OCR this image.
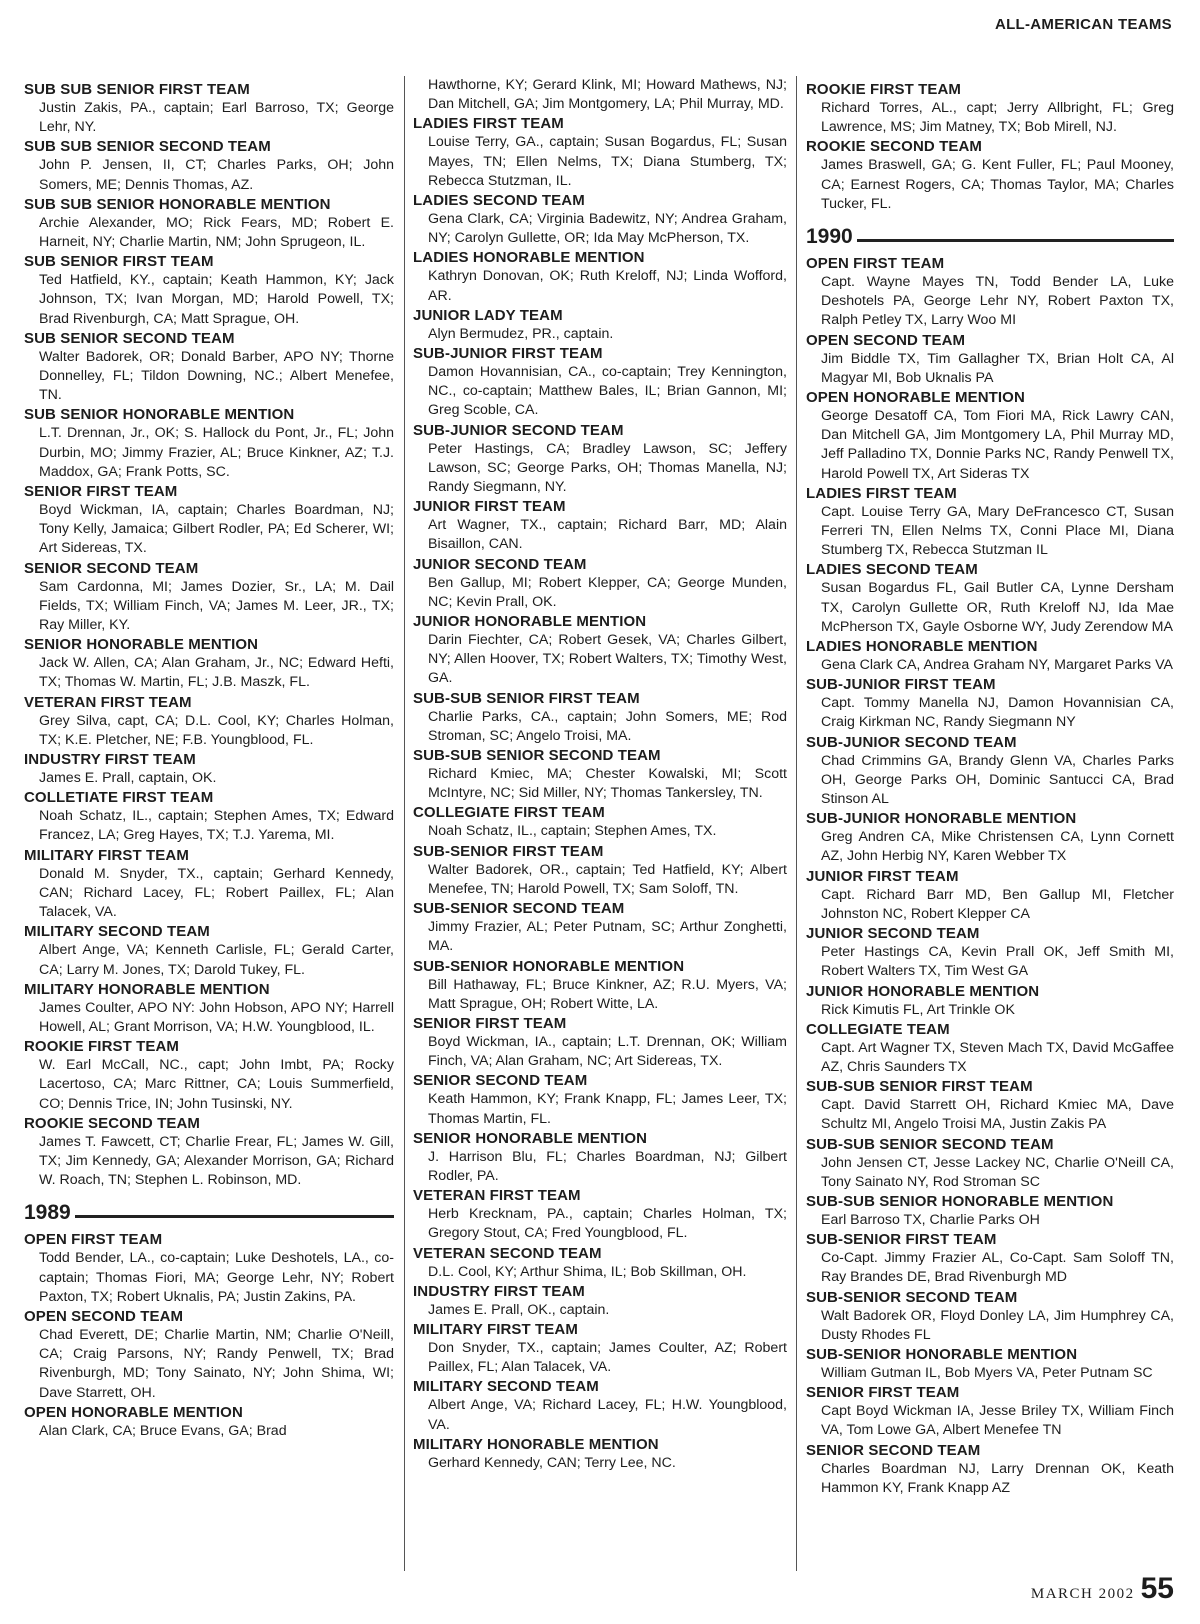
ALL-AMERICAN TEAMS
SUB SUB SENIOR FIRST TEAM

Justin Zakis, PA., captain; Earl Barroso, TX; George Lehr, NY.

SUB SUB SENIOR SECOND TEAM

John P. Jensen, II, CT; Charles Parks, OH; John Somers, ME; Dennis Thomas, AZ.

SUB SUB SENIOR HONORABLE MENTION

Archie Alexander, MO; Rick Fears, MD; Robert E. Harneit, NY; Charlie Martin, NM; John Sprugeon, IL.

SUB SENIOR FIRST TEAM

Ted Hatfield, KY., captain; Keath Hammon, KY; Jack Johnson, TX; Ivan Morgan, MD; Harold Powell, TX; Brad Rivenburgh, CA; Matt Sprague, OH.

SUB SENIOR SECOND TEAM

Walter Badorek, OR; Donald Barber, APO NY; Thorne Donnelley, FL; Tildon Downing, NC.; Albert Menefee, TN.

SUB SENIOR HONORABLE MENTION

L.T. Drennan, Jr., OK; S. Hallock du Pont, Jr., FL; John Durbin, MO; Jimmy Frazier, AL; Bruce Kinkner, AZ; T.J. Maddox, GA; Frank Potts, SC.

SENIOR FIRST TEAM

Boyd Wickman, IA, captain; Charles Boardman, NJ; Tony Kelly, Jamaica; Gilbert Rodler, PA; Ed Scherer, WI; Art Sidereas, TX.

SENIOR SECOND TEAM

Sam Cardonna, MI; James Dozier, Sr., LA; M. Dail Fields, TX; William Finch, VA; James M. Leer, JR., TX; Ray Miller, KY.

SENIOR HONORABLE MENTION

Jack W. Allen, CA; Alan Graham, Jr., NC; Edward Hefti, TX; Thomas W. Martin, FL; J.B. Maszk, FL.

VETERAN FIRST TEAM

Grey Silva, capt, CA; D.L. Cool, KY; Charles Holman, TX; K.E. Pletcher, NE; F.B. Youngblood, FL.

INDUSTRY FIRST TEAM

James E. Prall, captain, OK.

COLLETIATE FIRST TEAM

Noah Schatz, IL., captain; Stephen Ames, TX; Edward Francez, LA; Greg Hayes, TX; T.J. Yarema, MI.

MILITARY FIRST TEAM

Donald M. Snyder, TX., captain; Gerhard Kennedy, CAN; Richard Lacey, FL; Robert Paillex, FL; Alan Talacek, VA.

MILITARY SECOND TEAM

Albert Ange, VA; Kenneth Carlisle, FL; Gerald Carter, CA; Larry M. Jones, TX; Darold Tukey, FL.

MILITARY HONORABLE MENTION

James Coulter, APO NY: John Hobson, APO NY; Harrell Howell, AL; Grant Morrison, VA; H.W. Youngblood, IL.

ROOKIE FIRST TEAM

W. Earl McCall, NC., capt; John Imbt, PA; Rocky Lacertoso, CA; Marc Rittner, CA; Louis Summerfield, CO; Dennis Trice, IN; John Tusinski, NY.

ROOKIE SECOND TEAM

James T. Fawcett, CT; Charlie Frear, FL; James W. Gill, TX; Jim Kennedy, GA; Alexander Morrison, GA; Richard W. Roach, TN; Stephen L. Robinson, MD.

1989
OPEN FIRST TEAM

Todd Bender, LA., co-captain; Luke Deshotels, LA., co-captain; Thomas Fiori, MA; George Lehr, NY; Robert Paxton, TX; Robert Uknalis, PA; Justin Zakins, PA.

OPEN SECOND TEAM

Chad Everett, DE; Charlie Martin, NM; Charlie O'Neill, CA; Craig Parsons, NY; Randy Penwell, TX; Brad Rivenburgh, MD; Tony Sainato, NY; John Shima, WI; Dave Starrett, OH.

OPEN HONORABLE MENTION

Alan Clark, CA; Bruce Evans, GA; Brad

Hawthorne, KY; Gerard Klink, MI; Howard Mathews, NJ; Dan Mitchell, GA; Jim Montgomery, LA; Phil Murray, MD.

LADIES FIRST TEAM

Louise Terry, GA., captain; Susan Bogardus, FL; Susan Mayes, TN; Ellen Nelms, TX; Diana Stumberg, TX; Rebecca Stutzman, IL.

LADIES SECOND TEAM

Gena Clark, CA; Virginia Badewitz, NY; Andrea Graham, NY; Carolyn Gullette, OR; Ida May McPherson, TX.

LADIES HONORABLE MENTION

Kathryn Donovan, OK; Ruth Kreloff, NJ; Linda Wofford, AR.

JUNIOR LADY TEAM

Alyn Bermudez, PR., captain.

SUB-JUNIOR FIRST TEAM

Damon Hovannisian, CA., co-captain; Trey Kennington, NC., co-captain; Matthew Bales, IL; Brian Gannon, MI; Greg Scoble, CA.

SUB-JUNIOR SECOND TEAM

Peter Hastings, CA; Bradley Lawson, SC; Jeffery Lawson, SC; George Parks, OH; Thomas Manella, NJ; Randy Siegmann, NY.

JUNIOR FIRST TEAM

Art Wagner, TX., captain; Richard Barr, MD; Alain Bisaillon, CAN.

JUNIOR SECOND TEAM

Ben Gallup, MI; Robert Klepper, CA; George Munden, NC; Kevin Prall, OK.

JUNIOR HONORABLE MENTION

Darin Fiechter, CA; Robert Gesek, VA; Charles Gilbert, NY; Allen Hoover, TX; Robert Walters, TX; Timothy West, GA.

SUB-SUB SENIOR FIRST TEAM

Charlie Parks, CA., captain; John Somers, ME; Rod Stroman, SC; Angelo Troisi, MA.

SUB-SUB SENIOR SECOND TEAM

Richard Kmiec, MA; Chester Kowalski, MI; Scott McIntyre, NC; Sid Miller, NY; Thomas Tankersley, TN.

COLLEGIATE FIRST TEAM

Noah Schatz, IL., captain; Stephen Ames, TX.

SUB-SENIOR FIRST TEAM

Walter Badorek, OR., captain; Ted Hatfield, KY; Albert Menefee, TN; Harold Powell, TX; Sam Soloff, TN.

SUB-SENIOR SECOND TEAM

Jimmy Frazier, AL; Peter Putnam, SC; Arthur Zonghetti, MA.

SUB-SENIOR HONORABLE MENTION

Bill Hathaway, FL; Bruce Kinkner, AZ; R.U. Myers, VA; Matt Sprague, OH; Robert Witte, LA.

SENIOR FIRST TEAM

Boyd Wickman, IA., captain; L.T. Drennan, OK; William Finch, VA; Alan Graham, NC; Art Sidereas, TX.

SENIOR SECOND TEAM

Keath Hammon, KY; Frank Knapp, FL; James Leer, TX; Thomas Martin, FL.

SENIOR HONORABLE MENTION

J. Harrison Blu, FL; Charles Boardman, NJ; Gilbert Rodler, PA.

VETERAN FIRST TEAM

Herb Krecknam, PA., captain; Charles Holman, TX; Gregory Stout, CA; Fred Youngblood, FL.

VETERAN SECOND TEAM

D.L. Cool, KY; Arthur Shima, IL; Bob Skillman, OH.

INDUSTRY FIRST TEAM

James E. Prall, OK., captain.

MILITARY FIRST TEAM

Don Snyder, TX., captain; James Coulter, AZ; Robert Paillex, FL; Alan Talacek, VA.

MILITARY SECOND TEAM

Albert Ange, VA; Richard Lacey, FL; H.W. Youngblood, VA.

MILITARY HONORABLE MENTION

Gerhard Kennedy, CAN; Terry Lee, NC.

ROOKIE FIRST TEAM

Richard Torres, AL., capt; Jerry Allbright, FL; Greg Lawrence, MS; Jim Matney, TX; Bob Mirell, NJ.

ROOKIE SECOND TEAM

James Braswell, GA; G. Kent Fuller, FL; Paul Mooney, CA; Earnest Rogers, CA; Thomas Taylor, MA; Charles Tucker, FL.

1990
OPEN FIRST TEAM

Capt. Wayne Mayes TN, Todd Bender LA, Luke Deshotels PA, George Lehr NY, Robert Paxton TX, Ralph Petley TX, Larry Woo MI

OPEN SECOND TEAM

Jim Biddle TX, Tim Gallagher TX, Brian Holt CA, Al Magyar MI, Bob Uknalis PA

OPEN HONORABLE MENTION

George Desatoff CA, Tom Fiori MA, Rick Lawry CAN, Dan Mitchell GA, Jim Montgomery LA, Phil Murray MD, Jeff Palladino TX, Donnie Parks NC, Randy Penwell TX, Harold Powell TX, Art Sideras TX

LADIES FIRST TEAM

Capt. Louise Terry GA, Mary DeFrancesco CT, Susan Ferreri TN, Ellen Nelms TX, Conni Place MI, Diana Stumberg TX, Rebecca Stutzman IL

LADIES SECOND TEAM

Susan Bogardus FL, Gail Butler CA, Lynne Dersham TX, Carolyn Gullette OR, Ruth Kreloff NJ, Ida Mae McPherson TX, Gayle Osborne WY, Judy Zerendow MA

LADIES HONORABLE MENTION

Gena Clark CA, Andrea Graham NY, Margaret Parks VA

SUB-JUNIOR FIRST TEAM

Capt. Tommy Manella NJ, Damon Hovannisian CA, Craig Kirkman NC, Randy Siegmann NY

SUB-JUNIOR SECOND TEAM

Chad Crimmins GA, Brandy Glenn VA, Charles Parks OH, George Parks OH, Dominic Santucci CA, Brad Stinson AL

SUB-JUNIOR HONORABLE MENTION

Greg Andren CA, Mike Christensen CA, Lynn Cornett AZ, John Herbig NY, Karen Webber TX

JUNIOR FIRST TEAM

Capt. Richard Barr MD, Ben Gallup MI, Fletcher Johnston NC, Robert Klepper CA

JUNIOR SECOND TEAM

Peter Hastings CA, Kevin Prall OK, Jeff Smith MI, Robert Walters TX, Tim West GA

JUNIOR HONORABLE MENTION

Rick Kimutis FL, Art Trinkle OK

COLLEGIATE TEAM

Capt. Art Wagner TX, Steven Mach TX, David McGaffee AZ, Chris Saunders TX

SUB-SUB SENIOR FIRST TEAM

Capt. David Starrett OH, Richard Kmiec MA, Dave Schultz MI, Angelo Troisi MA, Justin Zakis PA

SUB-SUB SENIOR SECOND TEAM

John Jensen CT, Jesse Lackey NC, Charlie O'Neill CA, Tony Sainato NY, Rod Stroman SC

SUB-SUB SENIOR HONORABLE MENTION

Earl Barroso TX, Charlie Parks OH

SUB-SENIOR FIRST TEAM

Co-Capt. Jimmy Frazier AL, Co-Capt. Sam Soloff TN, Ray Brandes DE, Brad Rivenburgh MD

SUB-SENIOR SECOND TEAM

Walt Badorek OR, Floyd Donley LA, Jim Humphrey CA, Dusty Rhodes FL

SUB-SENIOR HONORABLE MENTION

William Gutman IL, Bob Myers VA, Peter Putnam SC

SENIOR FIRST TEAM

Capt Boyd Wickman IA, Jesse Briley TX, William Finch VA, Tom Lowe GA, Albert Menefee TN

SENIOR SECOND TEAM

Charles Boardman NJ, Larry Drennan OK, Keath Hammon KY, Frank Knapp AZ

MARCH 2002 55
